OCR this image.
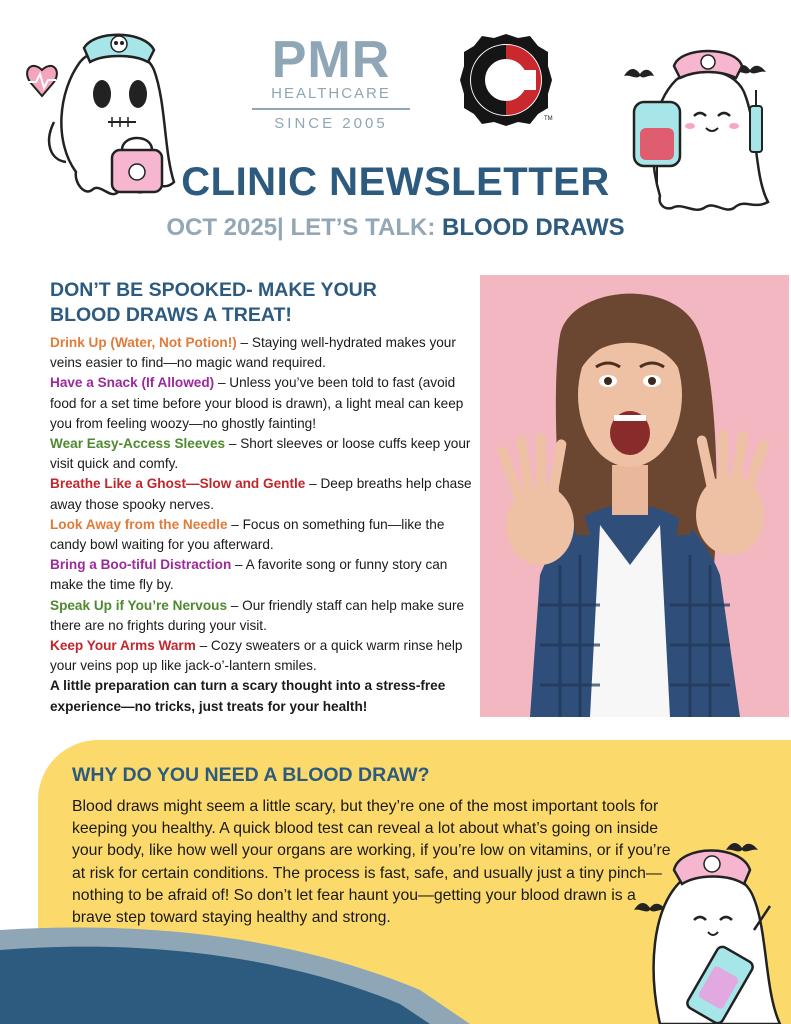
PMR
HEALTHCARE
SINCE 2005
C
TM
CLINIC NEWSLETTER
OCT 2025| LET’S TALK: BLOOD DRAWS
DON’T BE SPOOKED- MAKE YOUR BLOOD DRAWS A TREAT!

Drink Up (Water, Not Potion!) – Staying well-hydrated makes your veins easier to find—no magic wand required.

Have a Snack (If Allowed) – Unless you’ve been told to fast (avoid food for a set time before your blood is drawn), a light meal can keep you from feeling woozy—no ghostly fainting!

Wear Easy-Access Sleeves – Short sleeves or loose cuffs keep your visit quick and comfy.

Breathe Like a Ghost—Slow and Gentle – Deep breaths help chase away those spooky nerves.

Look Away from the Needle – Focus on something fun—like the candy bowl waiting for you afterward.

Bring a Boo-tiful Distraction – A favorite song or funny story can make the time fly by.

Speak Up if You’re Nervous – Our friendly staff can help make sure there are no frights during your visit.

Keep Your Arms Warm – Cozy sweaters or a quick warm rinse help your veins pop up like jack-o’-lantern smiles.

A little preparation can turn a scary thought into a stress-free experience—no tricks, just treats for your health!

WHY DO YOU NEED A BLOOD DRAW?
Blood draws might seem a little scary, but they’re one of the most important tools for keeping you healthy. A quick blood test can reveal a lot about what’s going on inside your body, like how well your organs are working, if you’re low on vitamins, or if you’re at risk for certain conditions. The process is fast, safe, and usually just a tiny pinch—nothing to be afraid of! So don’t let fear haunt you—getting your blood drawn is a brave step toward staying healthy and strong.
